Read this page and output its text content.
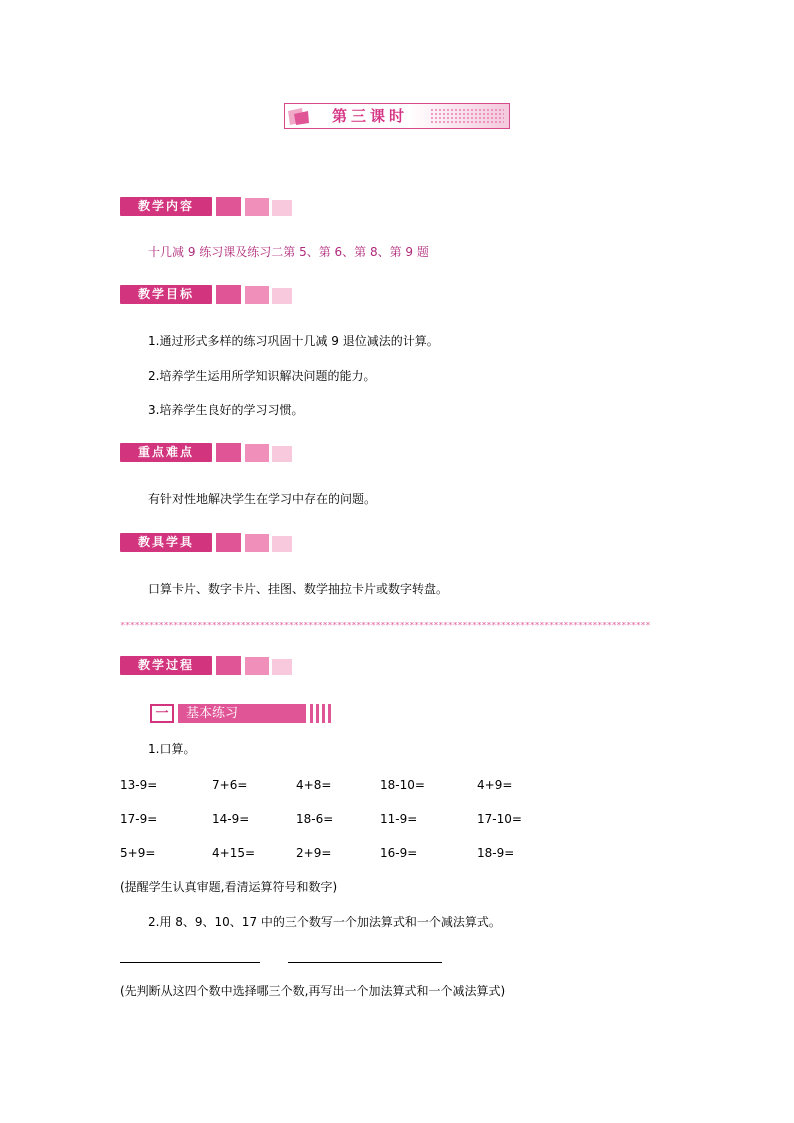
第三课时
教学内容
十几减 9 练习课及练习二第 5、第 6、第 8、第 9 题
教学目标
1.通过形式多样的练习巩固十几减 9 退位减法的计算。
2.培养学生运用所学知识解决问题的能力。
3.培养学生良好的学习习惯。
重点难点
有针对性地解决学生在学习中存在的问题。
教具学具
口算卡片、数字卡片、挂图、数学抽拉卡片或数字转盘。
**************************************************************************************************************
教学过程
一	基本练习
1.口算。
13-9=	7+6=	4+8=	18-10=	4+9=
17-9=	14-9=	18-6=	11-9=	17-10=
5+9=	4+15=	2+9=	16-9=	18-9=
(提醒学生认真审题,看清运算符号和数字)
2.用 8、9、10、17 中的三个数写一个加法算式和一个减法算式。
(先判断从这四个数中选择哪三个数,再写出一个加法算式和一个减法算式)
